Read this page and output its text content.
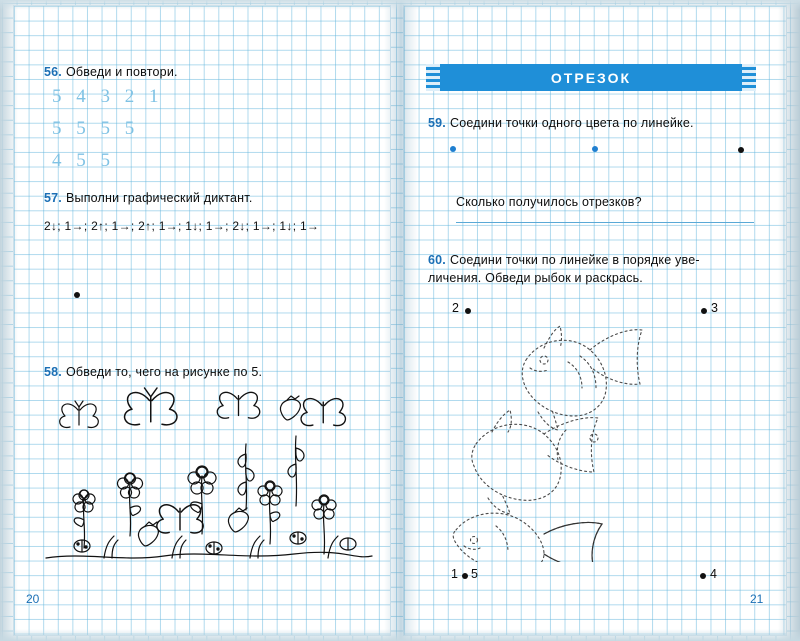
56. Обведи и повтори.
5 4 3 2 1
5 5 5 5
4 5 5
57. Выполни графический диктант.
2↓; 1→; 2↑; 1→; 2↑; 1→; 1↓; 1→; 2↓; 1→; 1↓; 1→
58. Обведи то, чего на рисунке по 5.
20
ОТРЕЗОК
59. Соедини точки одного цвета по линейке.
Сколько получилось отрезков?
60. Соедини точки по линейке в порядке уве-
личения. Обведи рыбок и раскрась.
2	3
1 5	4
21
